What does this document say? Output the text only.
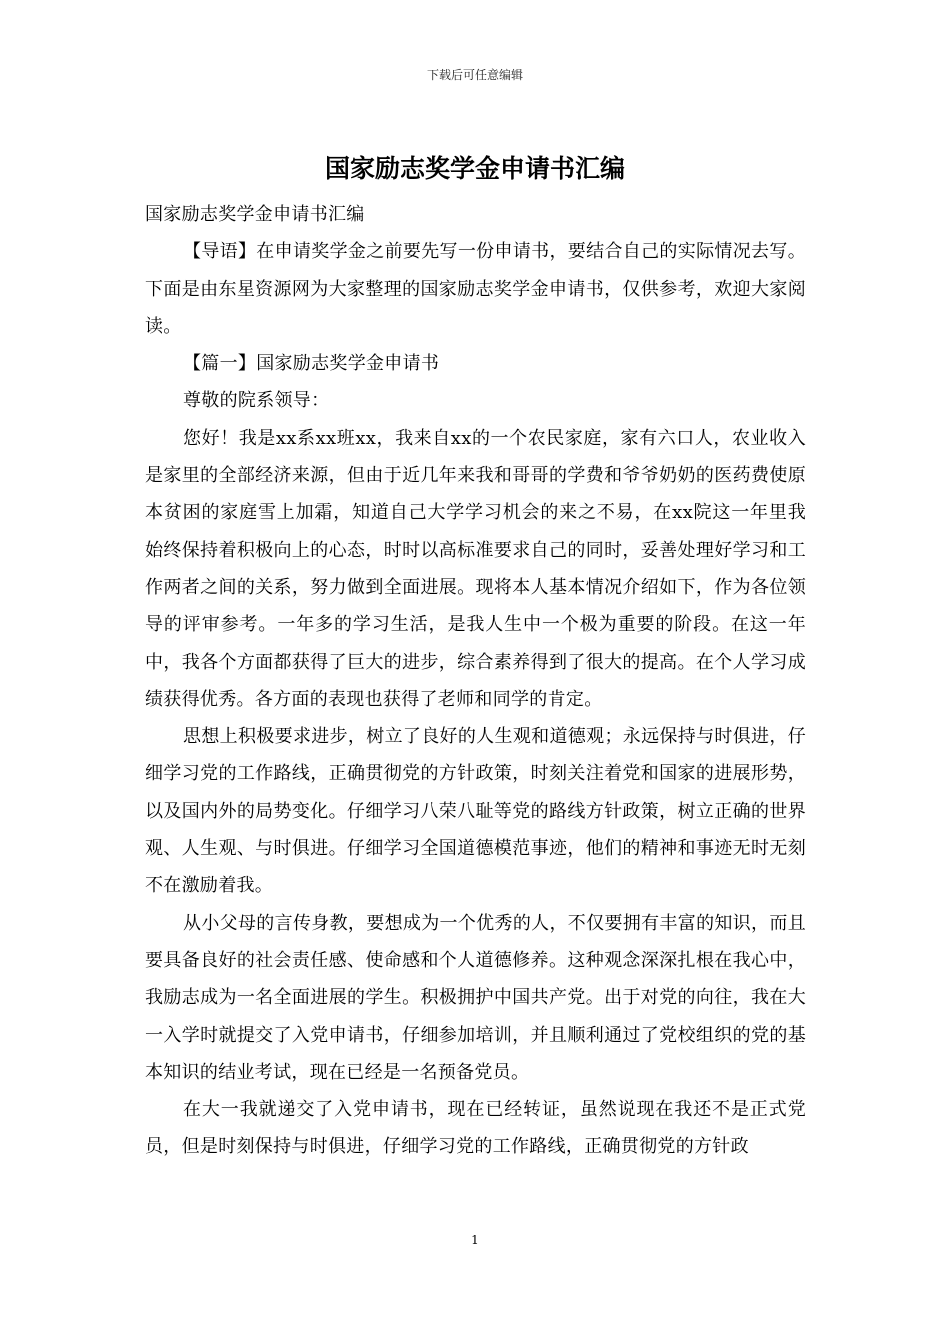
下载后可任意编辑
国家励志奖学金申请书汇编

国家励志奖学金申请书汇编

【导语】在申请奖学金之前要先写一份申请书，要结合自己的实际情况去写。下面是由东星资源网为大家整理的国家励志奖学金申请书，仅供参考，欢迎大家阅读。

【篇一】国家励志奖学金申请书

尊敬的院系领导：

您好！我是xx系xx班xx，我来自xx的一个农民家庭，家有六口人，农业收入是家里的全部经济来源，但由于近几年来我和哥哥的学费和爷爷奶奶的医药费使原本贫困的家庭雪上加霜，知道自己大学学习机会的来之不易，在xx院这一年里我始终保持着积极向上的心态，时时以高标准要求自己的同时，妥善处理好学习和工作两者之间的关系，努力做到全面进展。现将本人基本情况介绍如下，作为各位领导的评审参考。一年多的学习生活，是我人生中一个极为重要的阶段。在这一年中，我各个方面都获得了巨大的进步，综合素养得到了很大的提高。在个人学习成绩获得优秀。各方面的表现也获得了老师和同学的肯定。

思想上积极要求进步，树立了良好的人生观和道德观；永远保持与时俱进，仔细学习党的工作路线，正确贯彻党的方针政策，时刻关注着党和国家的进展形势，以及国内外的局势变化。仔细学习八荣八耻等党的路线方针政策，树立正确的世界观、人生观、与时俱进。仔细学习全国道德模范事迹，他们的精神和事迹无时无刻不在激励着我。

从小父母的言传身教，要想成为一个优秀的人，不仅要拥有丰富的知识，而且要具备良好的社会责任感、使命感和个人道德修养。这种观念深深扎根在我心中，我励志成为一名全面进展的学生。积极拥护中国共产党。出于对党的向往，我在大一入学时就提交了入党申请书，仔细参加培训，并且顺利通过了党校组织的党的基本知识的结业考试，现在已经是一名预备党员。

在大一我就递交了入党申请书，现在已经转证，虽然说现在我还不是正式党员，但是时刻保持与时俱进，仔细学习党的工作路线，正确贯彻党的方针政

1
